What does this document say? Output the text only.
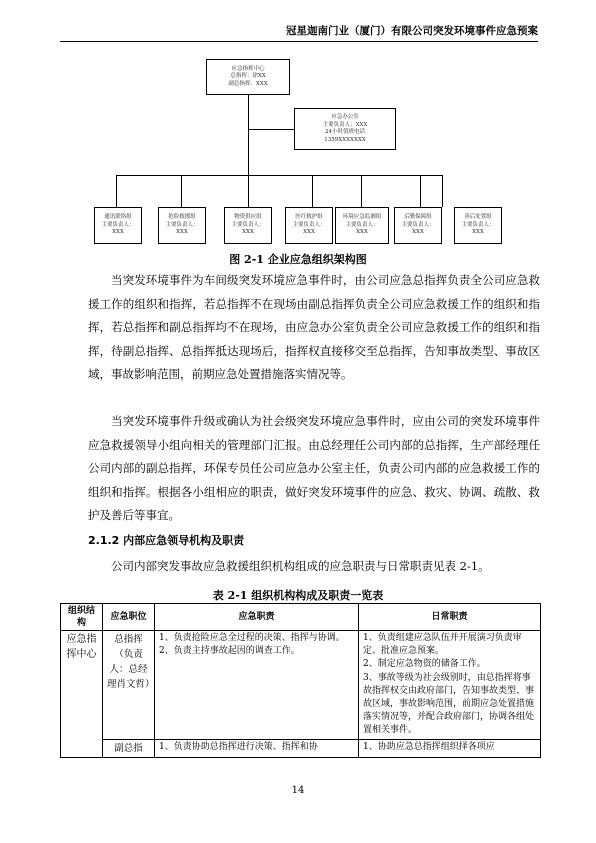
冠星迦南门业（厦门）有限公司突发环境事件应急预案
应急指挥中心
总指挥：徐XX
副总指挥：XXX
应急办公室
主要负责人：XXX
24小时值班电话
1359XXXXXXX
通讯联络组
主要负责人：
XXX
抢险救援组
主要负责人：
XXX
物资供应组
主要负责人：
XXX
医疗救护组
主要负责人：
XXX
环境应急监测组
主要负责人：
XXX
后勤保障组
主要负责人：
XXX
善后处置组
主要负责人：
XXX
图 2-1 企业应急组织架构图

当突发环境事件为车间级突发环境应急事件时，由公司应急总指挥负责全公司应急救援工作的组织和指挥，若总指挥不在现场由副总指挥负责全公司应急救援工作的组织和指挥，若总指挥和副总指挥均不在现场，由应急办公室负责全公司应急救援工作的组织和指挥，待副总指挥、总指挥抵达现场后，指挥权直接移交至总指挥，告知事故类型、事故区域，事故影响范围，前期应急处置措施落实情况等。

当突发环境事件升级或确认为社会级突发环境应急事件时，应由公司的突发环境事件应急救援领导小组向相关的管理部门汇报。由总经理任公司内部的总指挥，生产部经理任公司内部的副总指挥，环保专员任公司应急办公室主任，负责公司内部的应急救援工作的组织和指挥。根据各小组相应的职责，做好突发环境事件的应急、救灾、协调、疏散、救护及善后等事宜。

2.1.2 内部应急领导机构及职责

公司内部突发事故应急救援组织机构组成的应急职责与日常职责见表 2-1。

表 2-1 组织机构构成及职责一览表
组织结构	应急职位	应急职责	日常职责
应急指挥中心	总指挥（负责人：总经理肖文哲）	1、负责抢险应急全过程的决策、指挥与协调。
2、负责主持事故起因的调查工作。	1、负责组建应急队伍并开展演习负责审定、批准应急预案。
2、制定应急物资的储备工作。
3、事故等级为社会级别时，由总指挥将事故指挥权交由政府部门，告知事故类型、事故区域，事故影响范围，前期应急处置措施落实情况等，并配合政府部门，协调各组处置相关事件。

	副总指	1、负责协助总指挥进行决策、指挥和协	1、协助应急总指挥组织择各项应
14
